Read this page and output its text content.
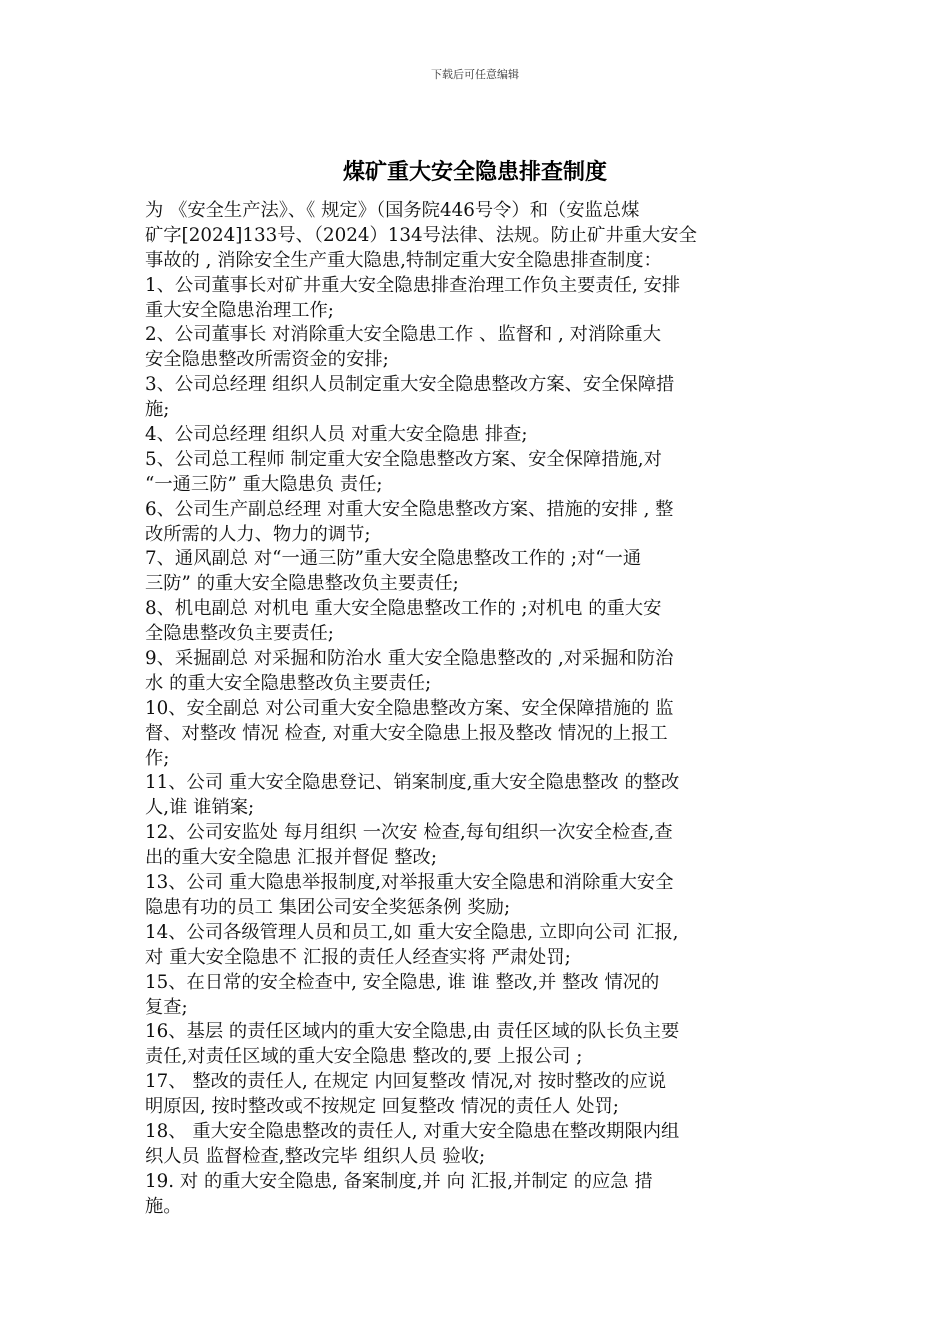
下载后可任意编辑
煤矿重大安全隐患排查制度
为 《安全生产法》、《 规定》（国务院446号令）和（安监总煤
矿字[2024]133号、（2024）134号法律、法规。防止矿井重大安全
事故的 , 消除安全生产重大隐患,特制定重大安全隐患排查制度：
1、公司董事长对矿井重大安全隐患排查治理工作负主要责任, 安排
重大安全隐患治理工作;
2、公司董事长 对消除重大安全隐患工作 、监督和 , 对消除重大
安全隐患整改所需资金的安排;
3、公司总经理 组织人员制定重大安全隐患整改方案、安全保障措
施;
4、公司总经理 组织人员 对重大安全隐患 排查;
5、公司总工程师 制定重大安全隐患整改方案、安全保障措施,对
“一通三防” 重大隐患负 责任;
6、公司生产副总经理 对重大安全隐患整改方案、措施的安排 , 整
改所需的人力、物力的调节;
7、通风副总 对“一通三防”重大安全隐患整改工作的 ;对“一通
三防” 的重大安全隐患整改负主要责任;
8、机电副总 对机电 重大安全隐患整改工作的 ;对机电 的重大安
全隐患整改负主要责任;
9、采掘副总 对采掘和防治水 重大安全隐患整改的 ,对采掘和防治
水 的重大安全隐患整改负主要责任;
10、安全副总 对公司重大安全隐患整改方案、安全保障措施的 监
督、对整改 情况 检查, 对重大安全隐患上报及整改 情况的上报工
作;
11、公司 重大安全隐患登记、销案制度,重大安全隐患整改 的整改
人,谁 谁销案;
12、公司安监处 每月组织 一次安 检查,每旬组织一次安全检查,查
出的重大安全隐患 汇报并督促 整改;
13、公司 重大隐患举报制度,对举报重大安全隐患和消除重大安全
隐患有功的员工 集团公司安全奖惩条例 奖励;
14、公司各级管理人员和员工,如 重大安全隐患, 立即向公司 汇报,
对 重大安全隐患不 汇报的责任人经查实将 严肃处罚;
15、在日常的安全检查中, 安全隐患, 谁 谁 整改,并 整改 情况的
复查;
16、基层 的责任区域内的重大安全隐患,由 责任区域的队长负主要
责任,对责任区域的重大安全隐患 整改的,要 上报公司 ;
17、 整改的责任人, 在规定 内回复整改 情况,对 按时整改的应说
明原因, 按时整改或不按规定 回复整改 情况的责任人 处罚;
18、 重大安全隐患整改的责任人, 对重大安全隐患在整改期限内组
织人员 监督检查,整改完毕 组织人员 验收;
19. 对 的重大安全隐患, 备案制度,并 向 汇报,并制定 的应急 措
施。
